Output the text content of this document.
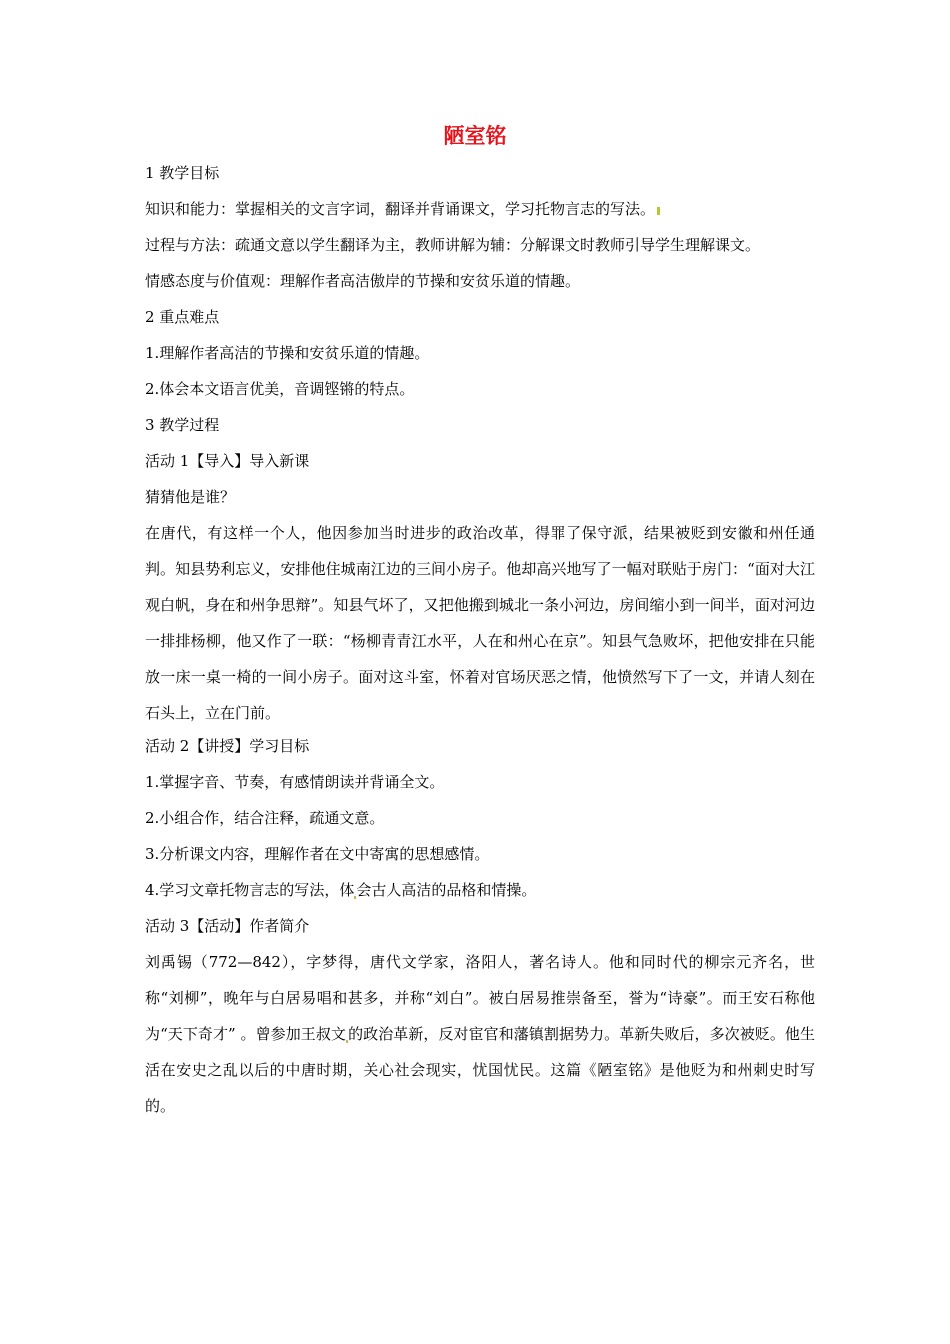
陋室铭
1 教学目标
知识和能力：掌握相关的文言字词，翻译并背诵课文，学习托物言志的写法。
过程与方法：疏通文意以学生翻译为主，教师讲解为辅：分解课文时教师引导学生理解课文。
情感态度与价值观：理解作者高洁傲岸的节操和安贫乐道的情趣。
2 重点难点
1.理解作者高洁的节操和安贫乐道的情趣。
2.体会本文语言优美，音调铿锵的特点。
3 教学过程
活动 1【导入】导入新课
猜猜他是谁？
在唐代，有这样一个人，他因参加当时进步的政治改革，得罪了保守派，结果被贬到安徽和州任通判。知县势利忘义，安排他住城南江边的三间小房子。他却高兴地写了一幅对联贴于房门：“面对大江观白帆，身在和州争思辩”。知县气坏了，又把他搬到城北一条小河边，房间缩小到一间半，面对河边一排排杨柳，他又作了一联：“杨柳青青江水平，人在和州心在京”。知县气急败坏，把他安排在只能放一床一桌一椅的一间小房子。面对这斗室，怀着对官场厌恶之情，他愤然写下了一文，并请人刻在石头上，立在门前。
活动 2【讲授】学习目标
1.掌握字音、节奏，有感情朗读并背诵全文。
2.小组合作，结合注释，疏通文意。
3.分析课文内容，理解作者在文中寄寓的思想感情。
4.学习文章托物言志的写法，体 会古人高洁的品格和情操。
活动 3【活动】作者简介
刘禹锡（772—842），字梦得，唐代文学家，洛阳人，著名诗人。他和同时代的柳宗元齐名，世称“刘柳”，晚年与白居易唱和甚多，并称“刘白”。被白居易推崇备至，誉为“诗豪”。而王安石称他为“天下奇才” 。曾参加王叔文 的政治革新，反对宦官和藩镇割据势力。革新失败后，多次被贬。他生活在安史之乱以后的中唐时期，关心社会现实，忧国忧民。这篇《陋室铭》是他贬为和州刺史时写的。
